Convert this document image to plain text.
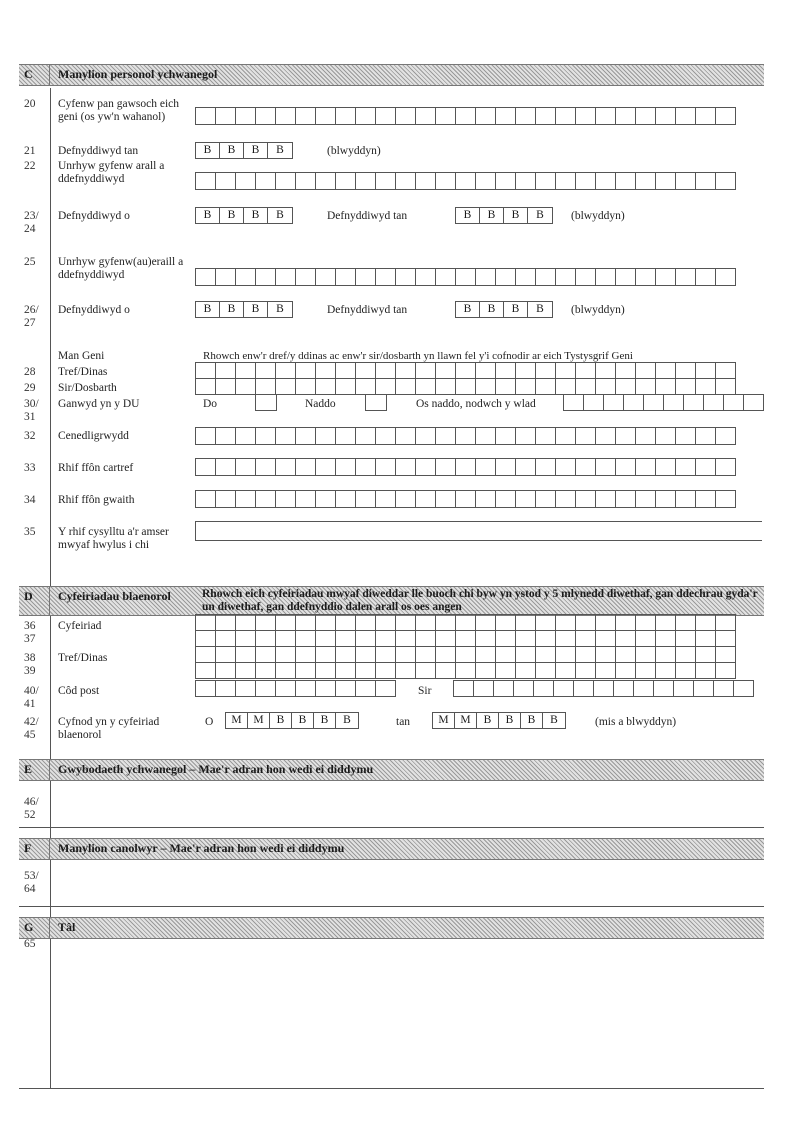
C Manylion personol ychwanegol
20 Cyfenw pan gawsoch eich geni (os yw'n wahanol)
21 Defnyddiwyd tan	B	B	B	B	(blwyddyn)
22 Unrhyw gyfenw arall a ddefnyddiwyd
23/
24
Defnyddiwyd o	B	B	B	B	Defnyddiwyd tan	B	B	B	B	(blwyddyn)
25 Unrhyw gyfenw(au)eraill a ddefnyddiwyd
26/
27
Defnyddiwyd o	B	B	B	B	Defnyddiwyd tan	B	B	B	B	(blwyddyn)
Man Geni	Rhowch enw'r dref/y ddinas ac enw'r sir/dosbarth yn llawn fel y'i cofnodir ar eich Tystysgrif Geni
28 Tref/Dinas
29 Sir/Dosbarth
30/
31
Ganwyd yn y DU	Do	Naddo	Os naddo, nodwch y wlad
32 Cenedligrwydd
33 Rhif ffôn cartref
34 Rhif ffôn gwaith
35 Y rhif cysylltu a'r amser mwyaf hwylus i chi
D Cyfeiriadau blaenorol	Rhowch eich cyfeiriadau mwyaf diweddar lle buoch chi byw yn ystod y 5 mlynedd diwethaf, gan ddechrau gyda'r un diwethaf, gan ddefnyddio dalen arall os oes angen
36
37
Cyfeiriad
38
39
Tref/Dinas
40/
41
Côd post	Sir
42/
45
Cyfnod yn y cyfeiriad blaenorol
O	M	M	B	B	B	B	tan	M	M	B	B	B	B	(mis a blwyddyn)
E Gwybodaeth ychwanegol – Mae'r adran hon wedi ei diddymu
46/
52
F Manylion canolwyr – Mae'r adran hon wedi ei diddymu
53/
64
G Tâl
65
